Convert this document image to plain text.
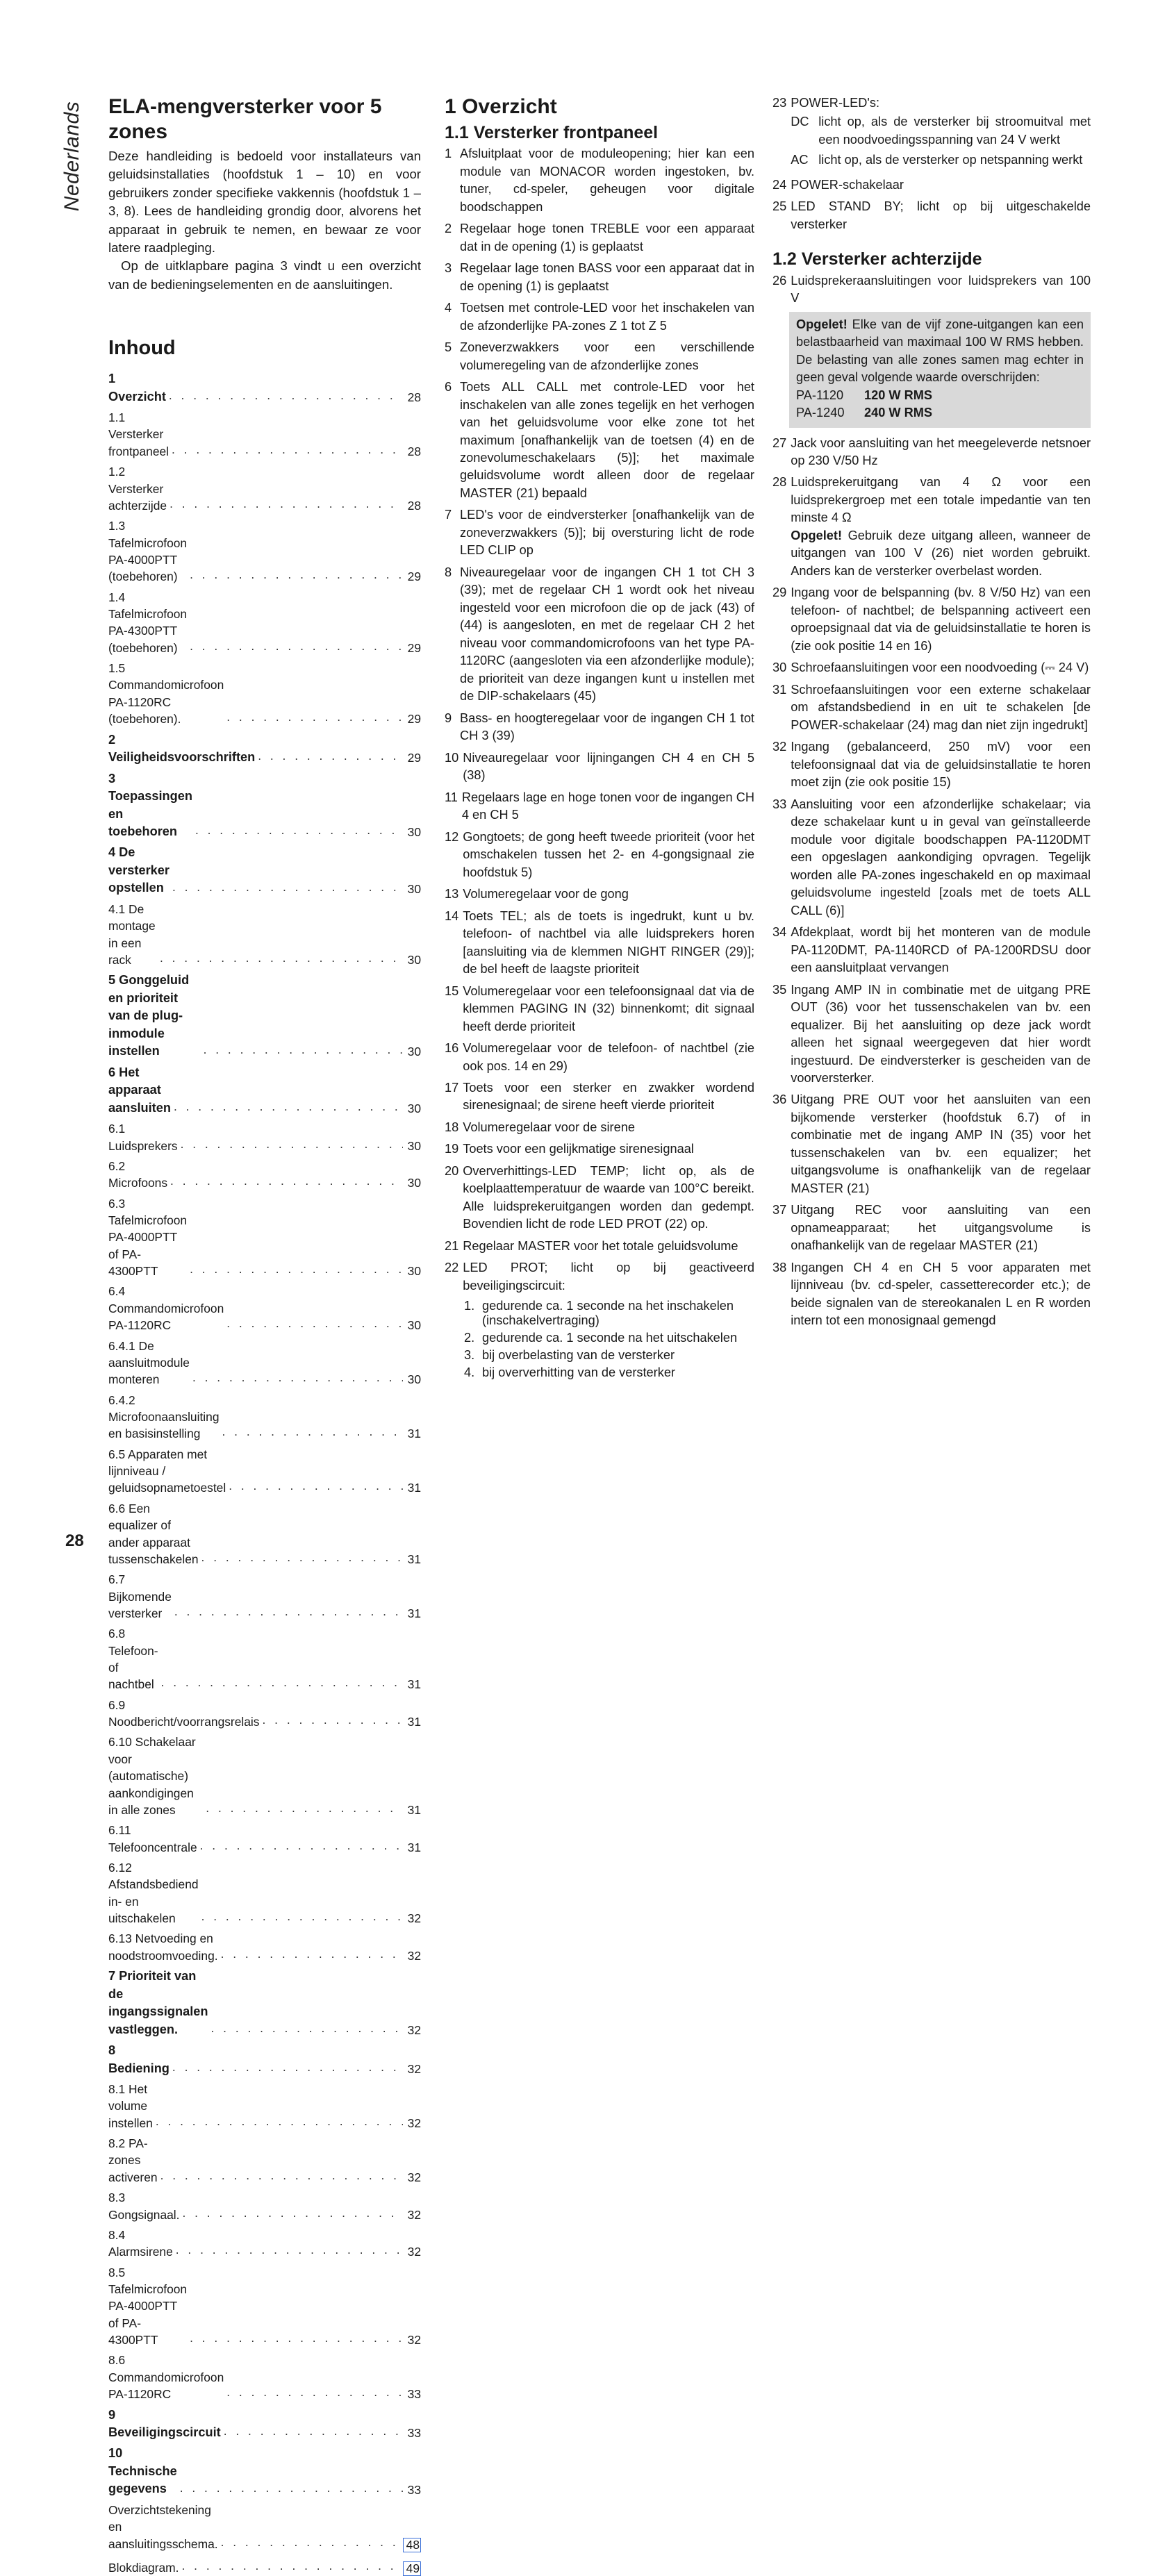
Nederlands ELA-mengversterker voor 5 zones

Deze handleiding is bedoeld voor installateurs van geluidsinstallaties (hoofdstuk 1 – 10) en voor gebruikers zonder specifieke vakkennis (hoofdstuk 1 – 3, 8). Lees de handleiding grondig door, alvorens het apparaat in gebruik te nemen, en bewaar ze voor latere raadpleging.

Op de uitklapbare pagina 3 vindt u een overzicht van de bedieningselementen en de aansluitingen.

Inhoud
1 Overzicht . . .	28
1.1 Versterker frontpaneel . . .	28
1.2 Versterker achterzijde . . .	28
1.3 Tafelmicrofoon PA-4000PTT (toebehoren) . . .	29
1.4 Tafelmicrofoon PA-4300PTT (toebehoren) . . .	29
1.5 Commandomicrofoon PA-1120RC (toebehoren). . . .	29
2 Veiligheidsvoorschriften . . .	29
3 Toepassingen en toebehoren . . .	30
4 De versterker opstellen . . .	30
4.1 De montage in een rack . . .	30
5 Gonggeluid en prioriteit van de plug-inmodule instellen . . .	30
6 Het apparaat aansluiten . . .	30
6.1 Luidsprekers . . .	30
6.2 Microfoons . . .	30
6.3 Tafelmicrofoon PA-4000PTT of PA-4300PTT . . .	30
6.4 Commandomicrofoon PA-1120RC . . .	30
6.4.1 De aansluitmodule monteren . . .	30
6.4.2 Microfoonaansluiting en basisinstelling . . .	31
6.5 Apparaten met lijnniveau / geluidsopnametoestel . . .	31
6.6 Een equalizer of ander apparaat tussenschakelen . . .	31
6.7 Bijkomende versterker . . .	31
6.8 Telefoon- of nachtbel . . .	31
6.9 Noodbericht/voorrangsrelais . . .	31
6.10 Schakelaar voor (automatische) aankondigingen in alle zones . . .	31
6.11 Telefooncentrale . . .	31
6.12 Afstandsbediend in- en uitschakelen . . .	32
6.13 Netvoeding en noodstroomvoeding. . . .	32
7 Prioriteit van de ingangssignalen vastleggen. . . .	32
8 Bediening . . .	32
8.1 Het volume instellen . . .	32
8.2 PA-zones activeren . . .	32
8.3 Gongsignaal. . . .	32
8.4 Alarmsirene . . .	32
8.5 Tafelmicrofoon PA-4000PTT of PA-4300PTT . . .	32
8.6 Commandomicrofoon PA-1120RC . . .	33
9 Beveiligingscircuit . . .	33
10 Technische gegevens . . .	33
Overzichtstekening en aansluitingsschema. . . .	48
Blokdiagram. . . .	49
1 Overzicht
1.1 Versterker frontpaneel
1 Afsluitplaat voor de moduleopening; hier kan een module van MONACOR worden ingestoken, bv. tuner, cd-speler, geheugen voor digitale boodschappen
2 Regelaar hoge tonen TREBLE voor een apparaat dat in de opening (1) is geplaatst
3 Regelaar lage tonen BASS voor een apparaat dat in de opening (1) is geplaatst
4 Toetsen met controle-LED voor het inschakelen van de afzonderlijke PA-zones Z 1 tot Z 5
5 Zoneverzwakkers voor een verschillende volumeregeling van de afzonderlijke zones
6 Toets ALL CALL met controle-LED voor het inschakelen van alle zones tegelijk en het verhogen van het geluidsvolume voor elke zone tot het maximum [onafhankelijk van de toetsen (4) en de zonevolumeschakelaars (5)]; het maximale geluidsvolume wordt alleen door de regelaar MASTER (21) bepaald
7 LED's voor de eindversterker [onafhankelijk van de zoneverzwakkers (5)]; bij oversturing licht de rode LED CLIP op
8 Niveauregelaar voor de ingangen CH 1 tot CH 3 (39); met de regelaar CH 1 wordt ook het niveau ingesteld voor een microfoon die op de jack (43) of (44) is aangesloten, en met de regelaar CH 2 het niveau voor commandomicrofoons van het type PA-1120RC (aangesloten via een afzonderlijke module); de prioriteit van deze ingangen kunt u instellen met de DIP-schakelaars (45)
9 Bass- en hoogteregelaar voor de ingangen CH 1 tot CH 3 (39)
10 Niveauregelaar voor lijningangen CH 4 en CH 5 (38)
11 Regelaars lage en hoge tonen voor de ingangen CH 4 en CH 5
12 Gongtoets; de gong heeft tweede prioriteit (voor het omschakelen tussen het 2- en 4-gongsignaal zie hoofdstuk 5)
13 Volumeregelaar voor de gong
14 Toets TEL; als de toets is ingedrukt, kunt u bv. telefoon- of nachtbel via alle luidsprekers horen [aansluiting via de klemmen NIGHT RINGER (29)]; de bel heeft de laagste prioriteit
15 Volumeregelaar voor een telefoonsignaal dat via de klemmen PAGING IN (32) binnenkomt; dit signaal heeft derde prioriteit
16 Volumeregelaar voor de telefoon- of nachtbel (zie ook pos. 14 en 29)
17 Toets voor een sterker en zwakker wordend sirenesignaal; de sirene heeft vierde prioriteit
18 Volumeregelaar voor de sirene
19 Toets voor een gelijkmatige sirenesignaal
20 Oververhittings-LED TEMP; licht op, als de koelplaattemperatuur de waarde van 100°C bereikt. Alle luidsprekeruitgangen worden dan gedempt. Bovendien licht de rode LED PROT (22) op.
21 Regelaar MASTER voor het totale geluidsvolume
22 LED PROT; licht op bij geactiveerd beveiligingscircuit:
1. gedurende ca. 1 seconde na het inschakelen (inschakelvertraging)
2. gedurende ca. 1 seconde na het uitschakelen
3. bij overbelasting van de versterker
4. bij oververhitting van de versterker
23 POWER-LED's:

DC licht op, als de versterker bij stroomuitval met een noodvoedingsspanning van 24 V werkt
AC licht op, als de versterker op netspanning werkt
24 POWER-schakelaar
25 LED STAND BY; licht op bij uitgeschakelde versterker
1.2 Versterker achterzijde
26 Luidsprekeraansluitingen voor luidsprekers van 100 V
Opgelet! Elke van de vijf zone-uitgangen kan een belastbaarheid van maximaal 100 W RMS hebben. De belasting van alle zones samen mag echter in geen geval volgende waarde overschrijden:
PA-1120	120 W RMS
PA-1240	240 W RMS
27 Jack voor aansluiting van het meegeleverde netsnoer op 230 V/50 Hz
28 Luidsprekeruitgang van 4 Ω voor een luidsprekergroep met een totale impedantie van ten minste 4 Ω

Opgelet! Gebruik deze uitgang alleen, wanneer de uitgangen van 100 V (26) niet worden gebruikt. Anders kan de versterker overbelast worden.

29 Ingang voor de belspanning (bv. 8 V/50 Hz) van een telefoon- of nachtbel; de belspanning activeert een oproepsignaal dat via de geluidsinstallatie te horen is (zie ook positie 14 en 16)
30 Schroefaansluitingen voor een noodvoeding (⎓ 24 V)
31 Schroefaansluitingen voor een externe schakelaar om afstandsbediend in en uit te schakelen [de POWER-schakelaar (24) mag dan niet zijn ingedrukt]
32 Ingang (gebalanceerd, 250 mV) voor een telefoonsignaal dat via de geluidsinstallatie te horen moet zijn (zie ook positie 15)
33 Aansluiting voor een afzonderlijke schakelaar; via deze schakelaar kunt u in geval van geïnstalleerde module voor digitale boodschappen PA-1120DMT een opgeslagen aankondiging opvragen. Tegelijk worden alle PA-zones ingeschakeld en op maximaal geluidsvolume ingesteld [zoals met de toets ALL CALL (6)]
34 Afdekplaat, wordt bij het monteren van de module PA-1120DMT, PA-1140RCD of PA-1200RDSU door een aansluitplaat vervangen
35 Ingang AMP IN in combinatie met de uitgang PRE OUT (36) voor het tussenschakelen van bv. een equalizer. Bij het aansluiting op deze jack wordt alleen het signaal weergegeven dat hier wordt ingestuurd. De eindversterker is gescheiden van de voorversterker.
36 Uitgang PRE OUT voor het aansluiten van een bijkomende versterker (hoofdstuk 6.7) of in combinatie met de ingang AMP IN (35) voor het tussenschakelen van bv. een equalizer; het uitgangsvolume is onafhankelijk van de regelaar MASTER (21)
37 Uitgang REC voor aansluiting van een opnameapparaat; het uitgangsvolume is onafhankelijk van de regelaar MASTER (21)
38 Ingangen CH 4 en CH 5 voor apparaten met lijnniveau (bv. cd-speler, cassetterecorder etc.); de beide signalen van de stereokanalen L en R worden intern tot een monosignaal gemengd
28
